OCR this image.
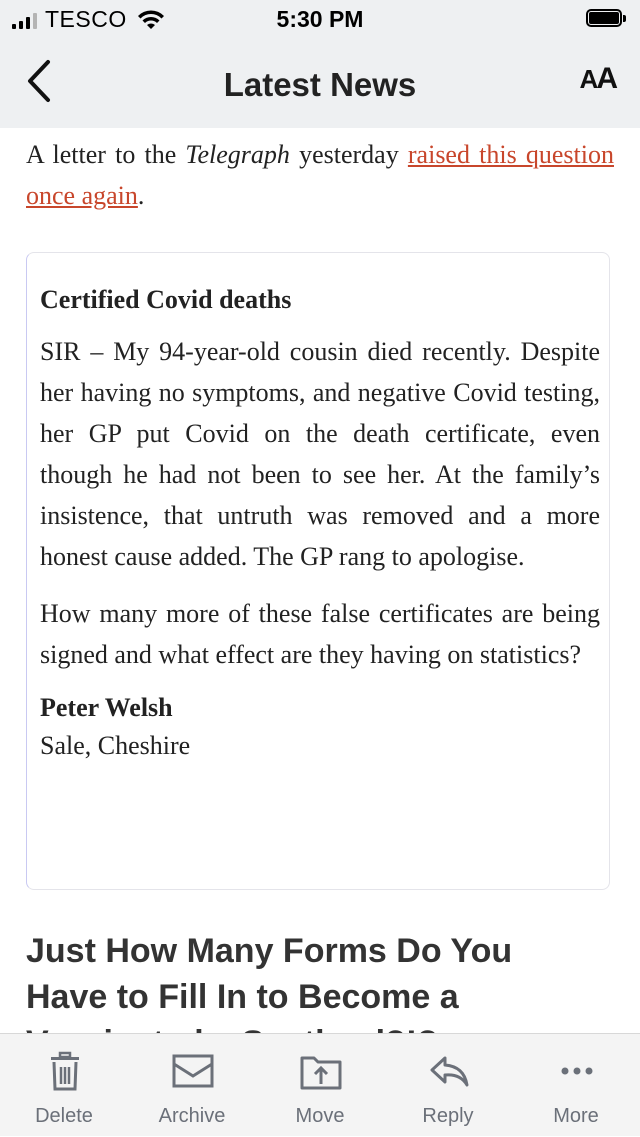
TESCO	5:30 PM
Latest News	AA
A letter to the Telegraph yesterday raised this question once again.
Certified Covid deaths

SIR – My 94-year-old cousin died recently. Despite her having no symptoms, and negative Covid testing, her GP put Covid on the death certificate, even though he had not been to see her. At the family’s insistence, that untruth was removed and a more honest cause added. The GP rang to apologise.

How many more of these false certificates are being signed and what effect are they having on statistics?

Peter Welsh
Sale, Cheshire
Just How Many Forms Do You Have to Fill In to Become a
Delete	Archive	Move	Reply	More
